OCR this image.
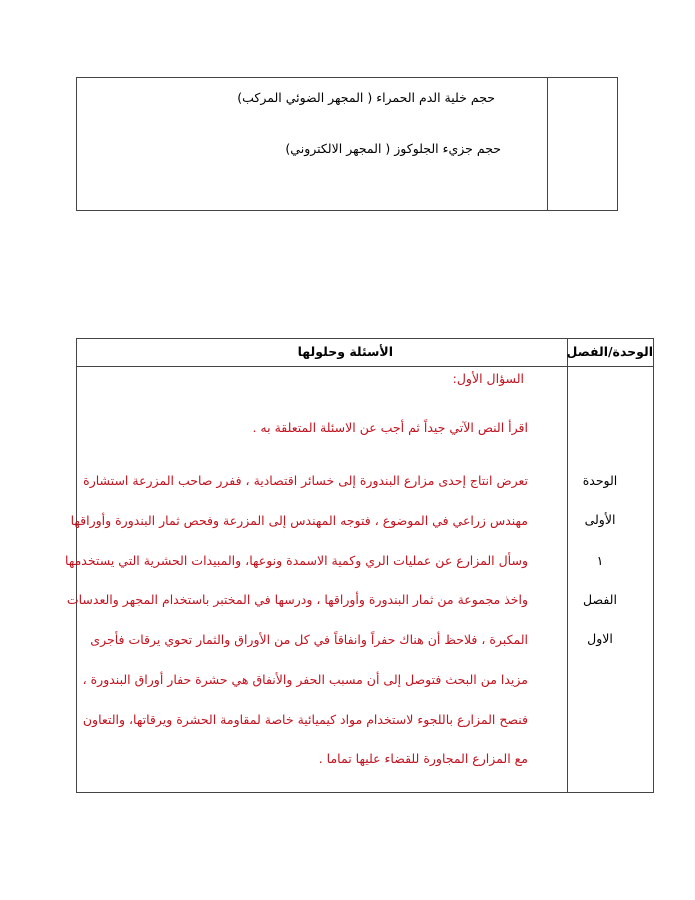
حجم خلية الدم الحمراء ( المجهر الضوئي المركب)
حجم جزيء الجلوكوز ( المجهر الالكتروني)
الوحدة/الفصل
الأسئلة وحلولها
الوحدة
الأولى
١
الفصل
الاول
السؤال الأول:
اقرأ النص الآتي جيداً ثم أجب عن الاسئلة المتعلقة به .
تعرض انتاج إحدى مزارع البندورة إلى خسائر اقتصادية ، ففرر صاحب المزرعة استشارة
مهندس زراعي في الموضوع ، فتوجه المهندس إلى المزرعة وفحص ثمار البندورة وأوراقها
وسأل المزارع عن عمليات الري وكمية الاسمدة ونوعها، والمبيدات الحشرية التي يستخدمها
واخذ مجموعة من ثمار البندورة وأوراقها ، ودرسها في المختبر باستخدام المجهر والعدسات
المكبرة ، فلاحظ أن هناك حفراً وانفاقاً في كل من الأوراق والثمار تحوي يرقات فأجرى
مزيدا من البحث فتوصل إلى أن مسبب الحفر والأنفاق هي حشرة حفار أوراق البندورة ،
فنصح المزارع باللجوء لاستخدام مواد كيميائية خاصة لمقاومة الحشرة ويرقاتها، والتعاون
مع المزارع المجاورة للقضاء عليها تماما .
